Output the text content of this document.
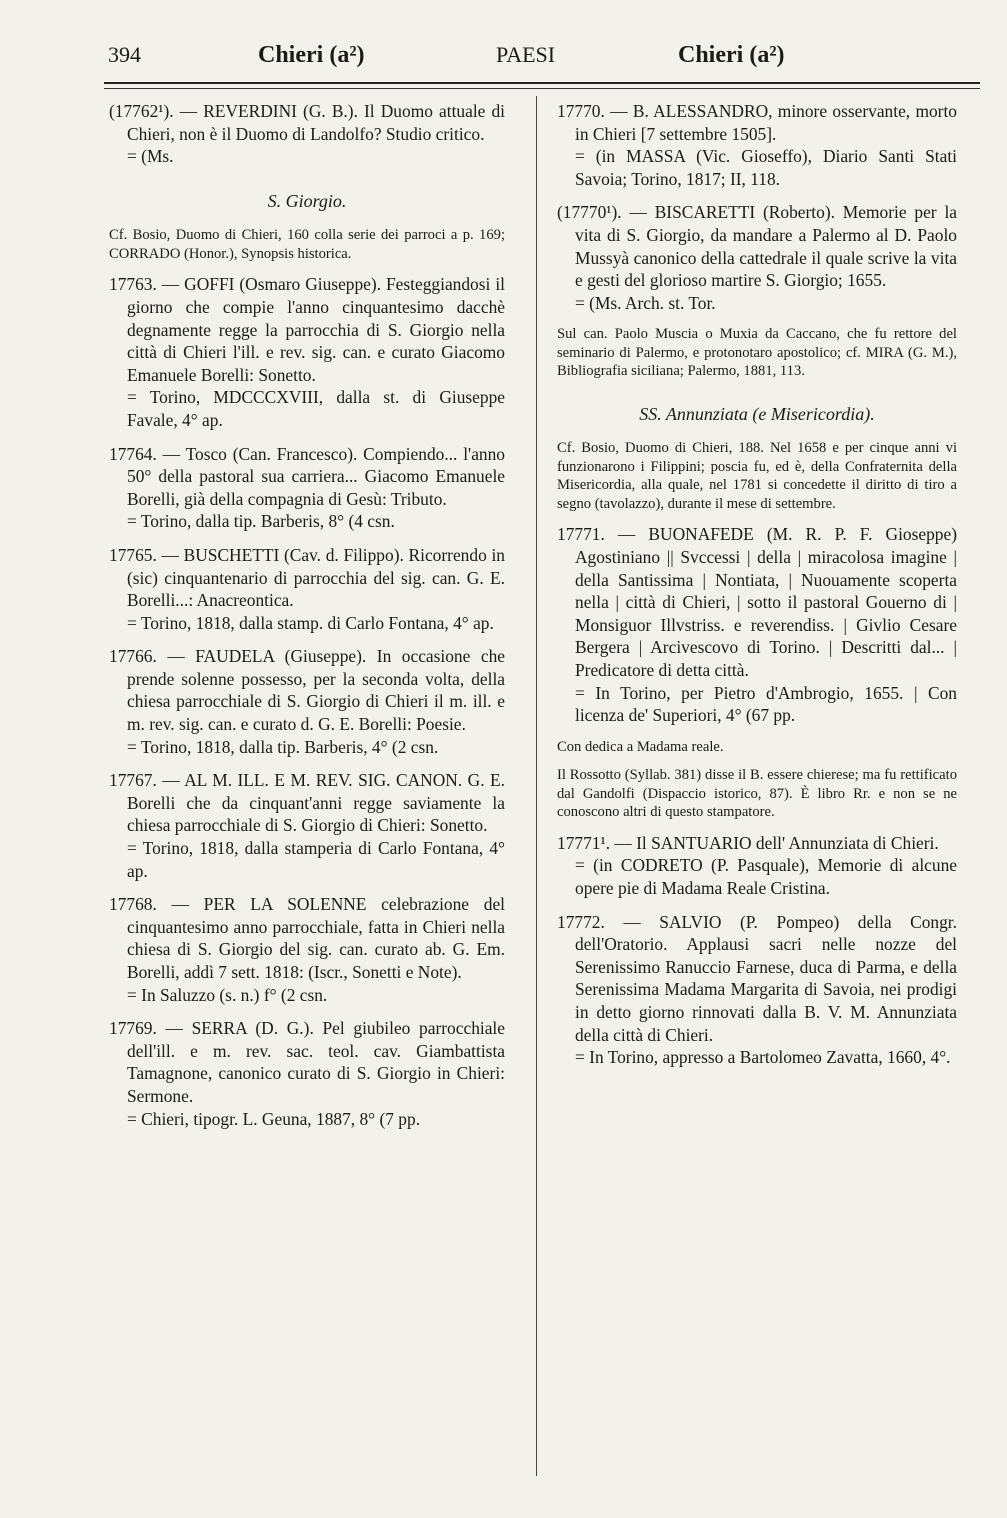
394	Chieri (a²)	PAESI	Chieri (a²)

(17762¹). — REVERDINI (G. B.). Il Duomo attuale di Chieri, non è il Duomo di Landolfo? Studio critico.

= (Ms.

S. Giorgio.
Cf. Bosio, Duomo di Chieri, 160 colla serie dei parroci a p. 169; CORRADO (Honor.), Synopsis historica.

17763. — GOFFI (Osmaro Giuseppe). Festeggiandosi il giorno che compie l'anno cinquantesimo dacchè degnamente regge la parrocchia di S. Giorgio nella città di Chieri l'ill. e rev. sig. can. e curato Giacomo Emanuele Borelli: Sonetto.

= Torino, MDCCCXVIII, dalla st. di Giuseppe Favale, 4° ap.

17764. — Tosco (Can. Francesco). Compiendo... l'anno 50° della pastoral sua carriera... Giacomo Emanuele Borelli, già della compagnia di Gesù: Tributo.

= Torino, dalla tip. Barberis, 8° (4 csn.

17765. — BUSCHETTI (Cav. d. Filippo). Ricorrendo in (sic) cinquantenario di parrocchia del sig. can. G. E. Borelli...: Anacreontica.

= Torino, 1818, dalla stamp. di Carlo Fontana, 4° ap.

17766. — FAUDELA (Giuseppe). In occasione che prende solenne possesso, per la seconda volta, della chiesa parrocchiale di S. Giorgio di Chieri il m. ill. e m. rev. sig. can. e curato d. G. E. Borelli: Poesie.

= Torino, 1818, dalla tip. Barberis, 4° (2 csn.

17767. — AL M. ILL. E M. REV. SIG. CANON. G. E. Borelli che da cinquant'anni regge saviamente la chiesa parrocchiale di S. Giorgio di Chieri: Sonetto.

= Torino, 1818, dalla stamperia di Carlo Fontana, 4° ap.

17768. — PER LA SOLENNE celebrazione del cinquantesimo anno parrocchiale, fatta in Chieri nella chiesa di S. Giorgio del sig. can. curato ab. G. Em. Borelli, addì 7 sett. 1818: (Iscr., Sonetti e Note).

= In Saluzzo (s. n.) f° (2 csn.

17769. — SERRA (D. G.). Pel giubileo parrocchiale dell'ill. e m. rev. sac. teol. cav. Giambattista Tamagnone, canonico curato di S. Giorgio in Chieri: Sermone.

= Chieri, tipogr. L. Geuna, 1887, 8° (7 pp.

17770. — B. ALESSANDRO, minore osservante, morto in Chieri [7 settembre 1505].

= (in MASSA (Vic. Gioseffo), Diario Santi Stati Savoia; Torino, 1817; II, 118.

(17770¹). — BISCARETTI (Roberto). Memorie per la vita di S. Giorgio, da mandare a Palermo al D. Paolo Mussyà canonico della cattedrale il quale scrive la vita e gesti del glorioso martire S. Giorgio; 1655.

= (Ms. Arch. st. Tor.

Sul can. Paolo Muscia o Muxia da Caccano, che fu rettore del seminario di Palermo, e protonotaro apostolico; cf. MIRA (G. M.), Bibliografia siciliana; Palermo, 1881, 113.
SS. Annunziata (e Misericordia).
Cf. Bosio, Duomo di Chieri, 188. Nel 1658 e per cinque anni vi funzionarono i Filippini; poscia fu, ed è, della Confraternita della Misericordia, alla quale, nel 1781 si concedette il diritto di tiro a segno (tavolazzo), durante il mese di settembre.

17771. — BUONAFEDE (M. R. P. F. Gioseppe) Agostiniano || Svccessi | della | miracolosa imagine | della Santissima | Nontiata, | Nuouamente scoperta nella | città di Chieri, | sotto il pastoral Gouerno di | Monsiguor Illvstriss. e reverendiss. | Givlio Cesare Bergera | Arcivescovo di Torino. | Descritti dal... | Predicatore di detta città.

= In Torino, per Pietro d'Ambrogio, 1655. | Con licenza de' Superiori, 4° (67 pp.

Con dedica a Madama reale.
Il Rossotto (Syllab. 381) disse il B. essere chierese; ma fu rettificato dal Gandolfi (Dispaccio istorico, 87). È libro Rr. e non se ne conoscono altri di questo stampatore.

17771¹. — Il SANTUARIO dell' Annunziata di Chieri.

= (in CODRETO (P. Pasquale), Memorie di alcune opere pie di Madama Reale Cristina.

17772. — SALVIO (P. Pompeo) della Congr. dell'Oratorio. Applausi sacri nelle nozze del Serenissimo Ranuccio Farnese, duca di Parma, e della Serenissima Madama Margarita di Savoia, nei prodigi in detto giorno rinnovati dalla B. V. M. Annunziata della città di Chieri.

= In Torino, appresso a Bartolomeo Zavatta, 1660, 4°.
